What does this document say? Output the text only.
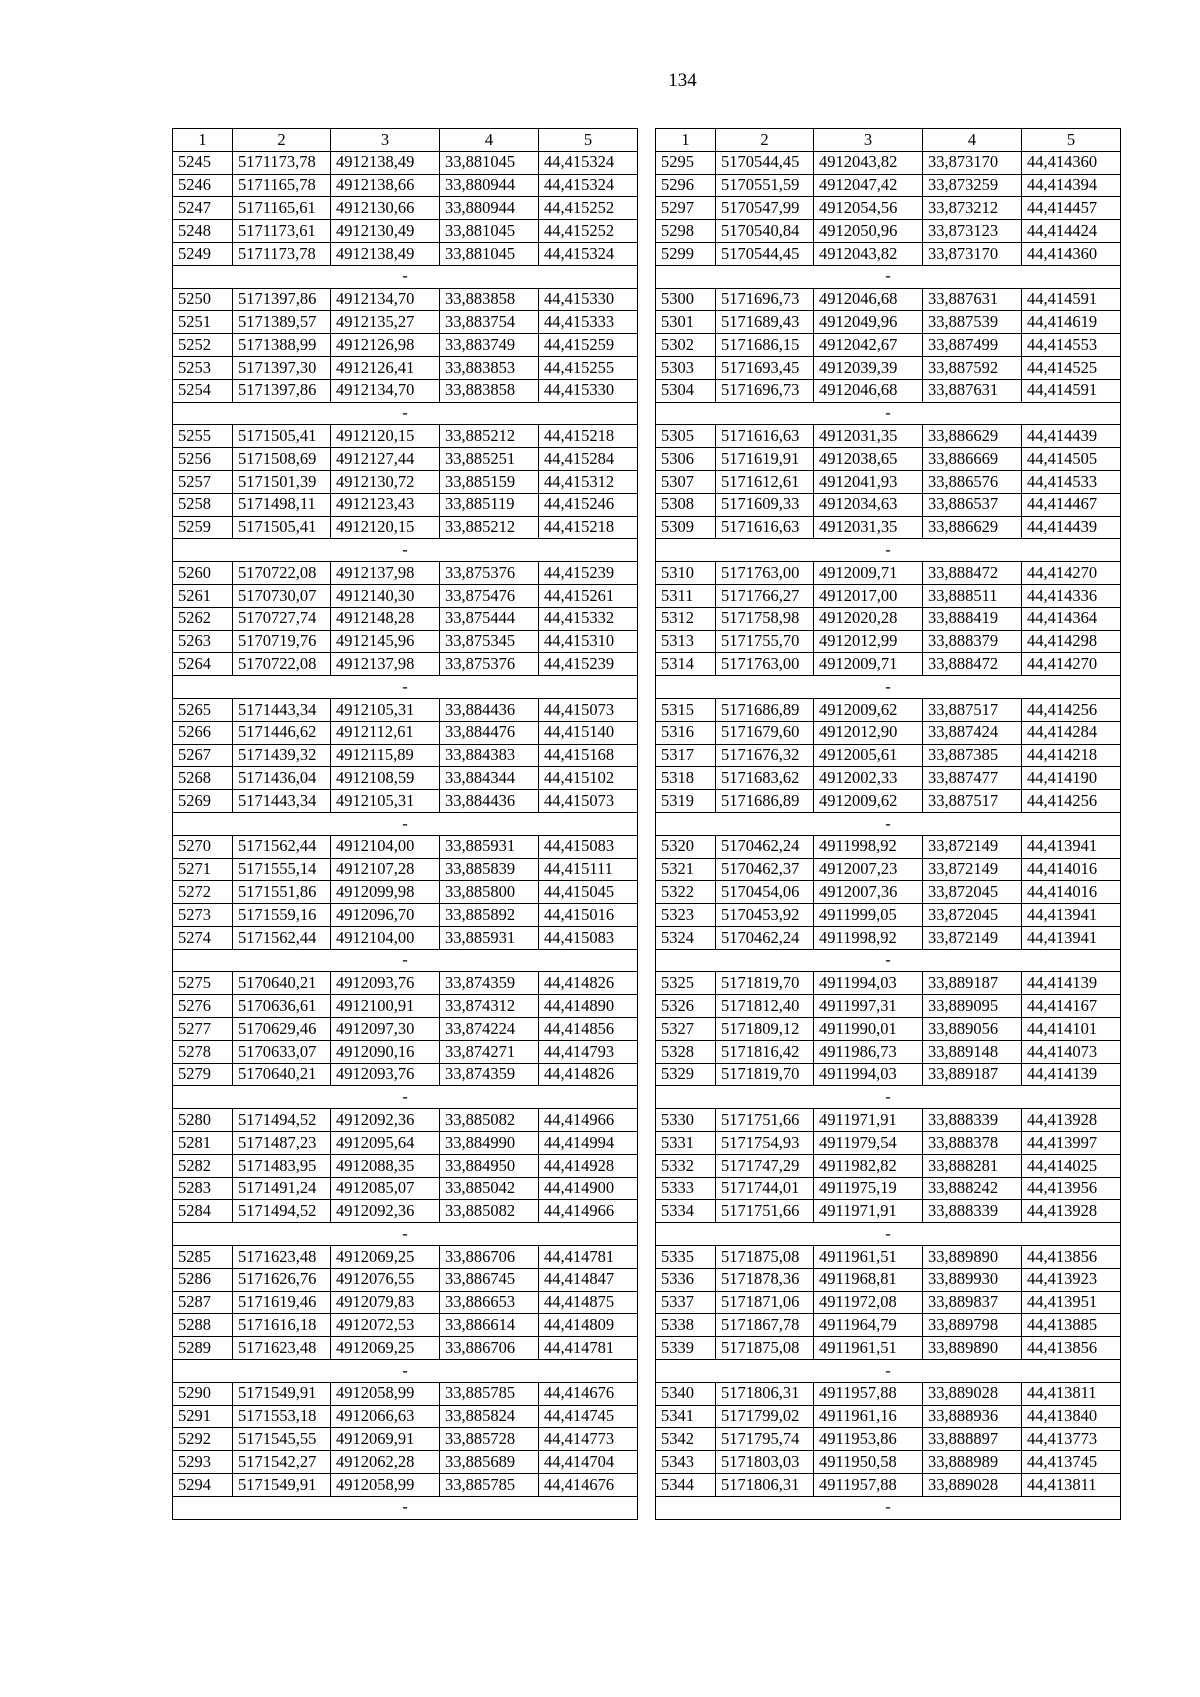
134
1	2	3	4	5
5245	5171173,78	4912138,49	33,881045	44,415324
5246	5171165,78	4912138,66	33,880944	44,415324
5247	5171165,61	4912130,66	33,880944	44,415252
5248	5171173,61	4912130,49	33,881045	44,415252
5249	5171173,78	4912138,49	33,881045	44,415324
-				
5250	5171397,86	4912134,70	33,883858	44,415330
5251	5171389,57	4912135,27	33,883754	44,415333
5252	5171388,99	4912126,98	33,883749	44,415259
5253	5171397,30	4912126,41	33,883853	44,415255
5254	5171397,86	4912134,70	33,883858	44,415330
-				
5255	5171505,41	4912120,15	33,885212	44,415218
5256	5171508,69	4912127,44	33,885251	44,415284
5257	5171501,39	4912130,72	33,885159	44,415312
5258	5171498,11	4912123,43	33,885119	44,415246
5259	5171505,41	4912120,15	33,885212	44,415218
-				
5260	5170722,08	4912137,98	33,875376	44,415239
5261	5170730,07	4912140,30	33,875476	44,415261
5262	5170727,74	4912148,28	33,875444	44,415332
5263	5170719,76	4912145,96	33,875345	44,415310
5264	5170722,08	4912137,98	33,875376	44,415239
-				
5265	5171443,34	4912105,31	33,884436	44,415073
5266	5171446,62	4912112,61	33,884476	44,415140
5267	5171439,32	4912115,89	33,884383	44,415168
5268	5171436,04	4912108,59	33,884344	44,415102
5269	5171443,34	4912105,31	33,884436	44,415073
-				
5270	5171562,44	4912104,00	33,885931	44,415083
5271	5171555,14	4912107,28	33,885839	44,415111
5272	5171551,86	4912099,98	33,885800	44,415045
5273	5171559,16	4912096,70	33,885892	44,415016
5274	5171562,44	4912104,00	33,885931	44,415083
-				
5275	5170640,21	4912093,76	33,874359	44,414826
5276	5170636,61	4912100,91	33,874312	44,414890
5277	5170629,46	4912097,30	33,874224	44,414856
5278	5170633,07	4912090,16	33,874271	44,414793
5279	5170640,21	4912093,76	33,874359	44,414826
-				
5280	5171494,52	4912092,36	33,885082	44,414966
5281	5171487,23	4912095,64	33,884990	44,414994
5282	5171483,95	4912088,35	33,884950	44,414928
5283	5171491,24	4912085,07	33,885042	44,414900
5284	5171494,52	4912092,36	33,885082	44,414966
-				
5285	5171623,48	4912069,25	33,886706	44,414781
5286	5171626,76	4912076,55	33,886745	44,414847
5287	5171619,46	4912079,83	33,886653	44,414875
5288	5171616,18	4912072,53	33,886614	44,414809
5289	5171623,48	4912069,25	33,886706	44,414781
-				
5290	5171549,91	4912058,99	33,885785	44,414676
5291	5171553,18	4912066,63	33,885824	44,414745
5292	5171545,55	4912069,91	33,885728	44,414773
5293	5171542,27	4912062,28	33,885689	44,414704
5294	5171549,91	4912058,99	33,885785	44,414676
-				
1	2	3	4	5
5295	5170544,45	4912043,82	33,873170	44,414360
5296	5170551,59	4912047,42	33,873259	44,414394
5297	5170547,99	4912054,56	33,873212	44,414457
5298	5170540,84	4912050,96	33,873123	44,414424
5299	5170544,45	4912043,82	33,873170	44,414360
-				
5300	5171696,73	4912046,68	33,887631	44,414591
5301	5171689,43	4912049,96	33,887539	44,414619
5302	5171686,15	4912042,67	33,887499	44,414553
5303	5171693,45	4912039,39	33,887592	44,414525
5304	5171696,73	4912046,68	33,887631	44,414591
-				
5305	5171616,63	4912031,35	33,886629	44,414439
5306	5171619,91	4912038,65	33,886669	44,414505
5307	5171612,61	4912041,93	33,886576	44,414533
5308	5171609,33	4912034,63	33,886537	44,414467
5309	5171616,63	4912031,35	33,886629	44,414439
-				
5310	5171763,00	4912009,71	33,888472	44,414270
5311	5171766,27	4912017,00	33,888511	44,414336
5312	5171758,98	4912020,28	33,888419	44,414364
5313	5171755,70	4912012,99	33,888379	44,414298
5314	5171763,00	4912009,71	33,888472	44,414270
-				
5315	5171686,89	4912009,62	33,887517	44,414256
5316	5171679,60	4912012,90	33,887424	44,414284
5317	5171676,32	4912005,61	33,887385	44,414218
5318	5171683,62	4912002,33	33,887477	44,414190
5319	5171686,89	4912009,62	33,887517	44,414256
-				
5320	5170462,24	4911998,92	33,872149	44,413941
5321	5170462,37	4912007,23	33,872149	44,414016
5322	5170454,06	4912007,36	33,872045	44,414016
5323	5170453,92	4911999,05	33,872045	44,413941
5324	5170462,24	4911998,92	33,872149	44,413941
-				
5325	5171819,70	4911994,03	33,889187	44,414139
5326	5171812,40	4911997,31	33,889095	44,414167
5327	5171809,12	4911990,01	33,889056	44,414101
5328	5171816,42	4911986,73	33,889148	44,414073
5329	5171819,70	4911994,03	33,889187	44,414139
-				
5330	5171751,66	4911971,91	33,888339	44,413928
5331	5171754,93	4911979,54	33,888378	44,413997
5332	5171747,29	4911982,82	33,888281	44,414025
5333	5171744,01	4911975,19	33,888242	44,413956
5334	5171751,66	4911971,91	33,888339	44,413928
-				
5335	5171875,08	4911961,51	33,889890	44,413856
5336	5171878,36	4911968,81	33,889930	44,413923
5337	5171871,06	4911972,08	33,889837	44,413951
5338	5171867,78	4911964,79	33,889798	44,413885
5339	5171875,08	4911961,51	33,889890	44,413856
-				
5340	5171806,31	4911957,88	33,889028	44,413811
5341	5171799,02	4911961,16	33,888936	44,413840
5342	5171795,74	4911953,86	33,888897	44,413773
5343	5171803,03	4911950,58	33,888989	44,413745
5344	5171806,31	4911957,88	33,889028	44,413811
-				
